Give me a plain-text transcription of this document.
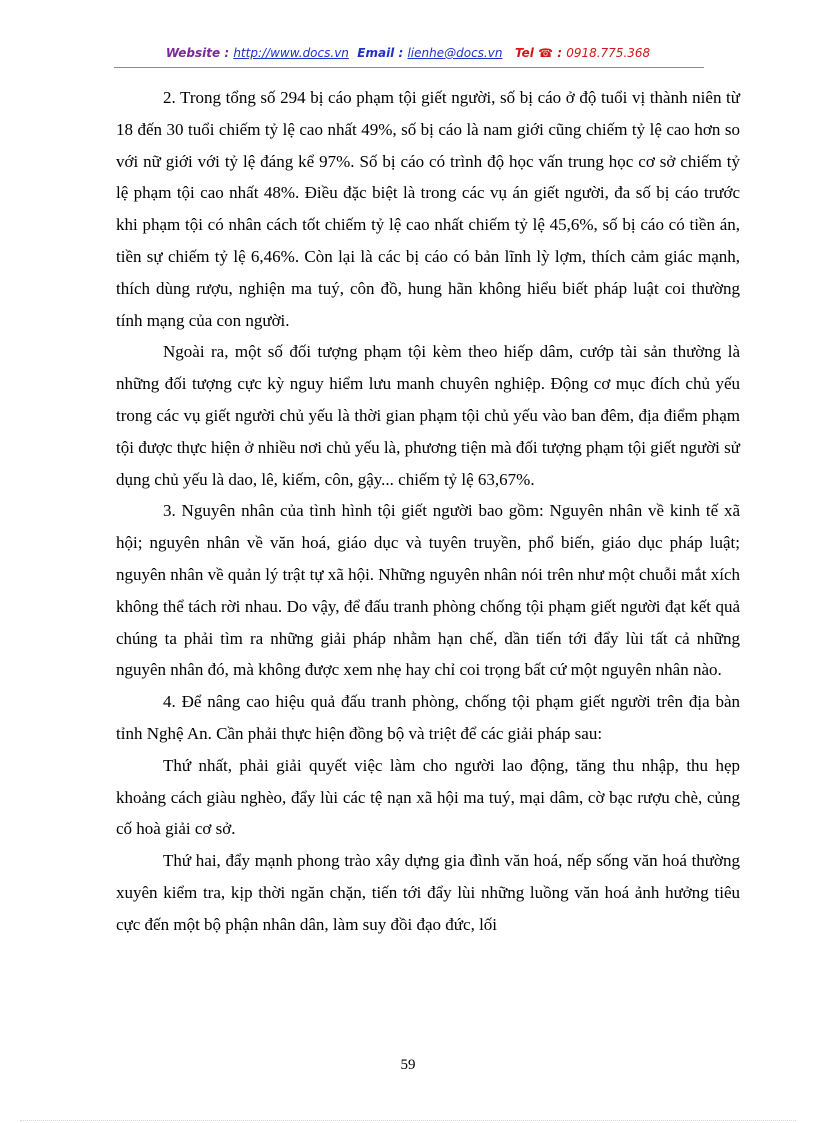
Website : http://www.docs.vn Email : lienhe@docs.vn Tel ☎ : 0918.775.368

2. Trong tổng số 294 bị cáo phạm tội giết người, số bị cáo ở độ tuổi vị thành niên từ 18 đến 30 tuổi chiếm tỷ lệ cao nhất 49%, số bị cáo là nam giới cũng chiếm tỷ lệ cao hơn so với nữ giới với tỷ lệ đáng kể 97%. Số bị cáo có trình độ học vấn trung học cơ sở chiếm tỷ lệ phạm tội cao nhất 48%. Điều đặc biệt là trong các vụ án giết người, đa số bị cáo trước khi phạm tội có nhân cách tốt chiếm tỷ lệ cao nhất chiếm tỷ lệ 45,6%, số bị cáo có tiền án, tiền sự chiếm tỷ lệ 6,46%. Còn lại là các bị cáo có bản lĩnh lỳ lợm, thích cảm giác mạnh, thích dùng rượu, nghiện ma tuý, côn đồ, hung hãn không hiểu biết pháp luật coi thường tính mạng của con người.

Ngoài ra, một số đối tượng phạm tội kèm theo hiếp dâm, cướp tài sản thường là những đối tượng cực kỳ nguy hiểm lưu manh chuyên nghiệp. Động cơ mục đích chủ yếu trong các vụ giết người chủ yếu là thời gian phạm tội chủ yếu vào ban đêm, địa điểm phạm tội được thực hiện ở nhiều nơi chủ yếu là, phương tiện mà đối tượng phạm tội giết người sử dụng chủ yếu là dao, lê, kiếm, côn, gậy... chiếm tỷ lệ 63,67%.

3. Nguyên nhân của tình hình tội giết người bao gồm: Nguyên nhân về kinh tế xã hội; nguyên nhân về văn hoá, giáo dục và tuyên truyền, phổ biến, giáo dục pháp luật; nguyên nhân về quản lý trật tự xã hội. Những nguyên nhân nói trên như một chuỗi mắt xích không thể tách rời nhau. Do vậy, để đấu tranh phòng chống tội phạm giết người đạt kết quả chúng ta phải tìm ra những giải pháp nhằm hạn chế, dần tiến tới đẩy lùi tất cả những nguyên nhân đó, mà không được xem nhẹ hay chỉ coi trọng bất cứ một nguyên nhân nào.

4. Để nâng cao hiệu quả đấu tranh phòng, chống tội phạm giết người trên địa bàn tỉnh Nghệ An. Cần phải thực hiện đồng bộ và triệt để các giải pháp sau:

Thứ nhất, phải giải quyết việc làm cho người lao động, tăng thu nhập, thu hẹp khoảng cách giàu nghèo, đẩy lùi các tệ nạn xã hội ma tuý, mại dâm, cờ bạc rượu chè, củng cố hoà giải cơ sở.

Thứ hai, đẩy mạnh phong trào xây dựng gia đình văn hoá, nếp sống văn hoá thường xuyên kiểm tra, kịp thời ngăn chặn, tiến tới đẩy lùi những luồng văn hoá ảnh hưởng tiêu cực đến một bộ phận nhân dân, làm suy đồi đạo đức, lối

59
